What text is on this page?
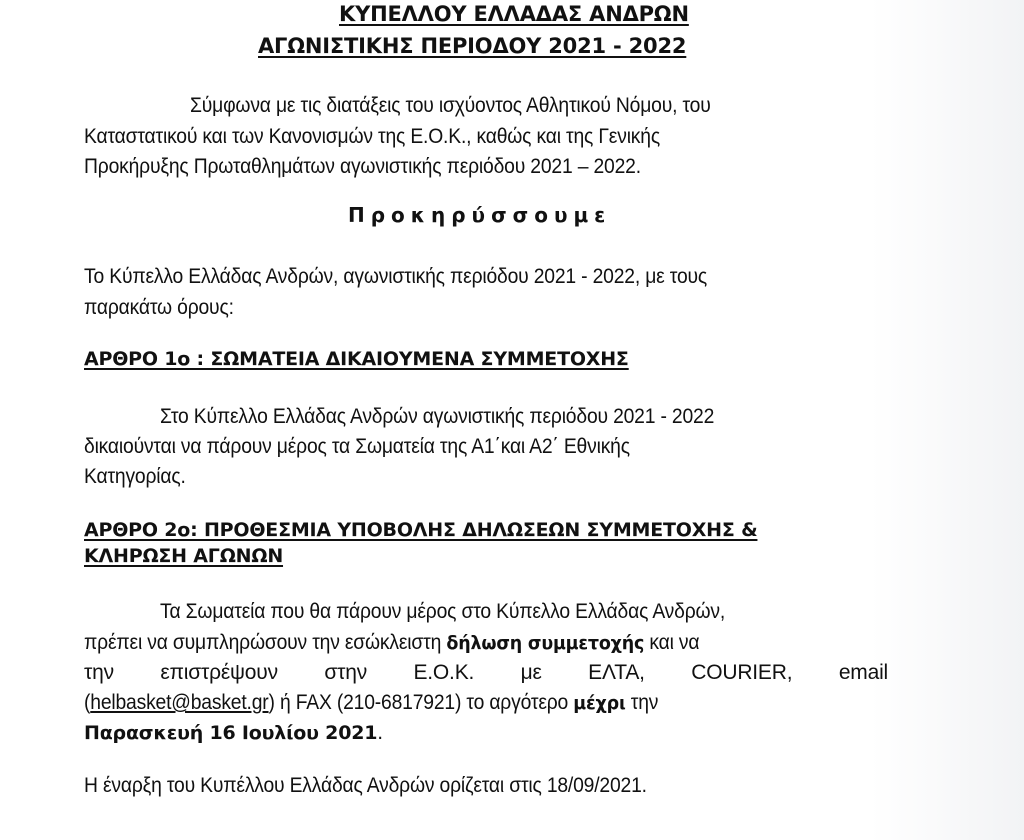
ΚΥΠΕΛΛΟΥ ΕΛΛΑΔΑΣ ΑΝΔΡΩΝ
ΑΓΩΝΙΣΤΙΚΗΣ ΠΕΡΙΟΔΟΥ 2021 - 2022
Σύμφωνα με τις διατάξεις του ισχύοντος Αθλητικού Νόμου, του
Καταστατικού και των Κανονισμών της Ε.Ο.Κ., καθώς και της Γενικής
Προκήρυξης Πρωταθλημάτων αγωνιστικής περιόδου 2021 – 2022.
Προκηρύσσουμε
Το Κύπελλο Ελλάδας Ανδρών, αγωνιστικής περιόδου 2021 - 2022, με τους
παρακάτω όρους:
ΑΡΘΡΟ 1ο : ΣΩΜΑΤΕΙΑ ΔΙΚΑΙΟΥΜΕΝΑ ΣΥΜΜΕΤΟΧΗΣ
Στο Κύπελλο Ελλάδας Ανδρών αγωνιστικής περιόδου 2021 - 2022
δικαιούνται να πάρουν μέρος τα Σωματεία της Α1΄και Α2΄ Εθνικής
Κατηγορίας.
ΑΡΘΡΟ 2ο: ΠΡΟΘΕΣΜΙΑ ΥΠΟΒΟΛΗΣ ΔΗΛΩΣΕΩΝ ΣΥΜΜΕΤΟΧΗΣ &
ΚΛΗΡΩΣΗ ΑΓΩΝΩΝ
Τα Σωματεία που θα πάρουν μέρος στο Κύπελλο Ελλάδας Ανδρών,
πρέπει να συμπληρώσουν την εσώκλειστη δήλωση συμμετοχής και να
την επιστρέψουν στην Ε.Ο.Κ. με ΕΛΤΑ, COURIER, email
(helbasket@basket.gr) ή FAX (210-6817921) το αργότερο μέχρι την
Παρασκευή 16 Ιουλίου 2021.
Η έναρξη του Κυπέλλου Ελλάδας Ανδρών ορίζεται στις 18/09/2021.
